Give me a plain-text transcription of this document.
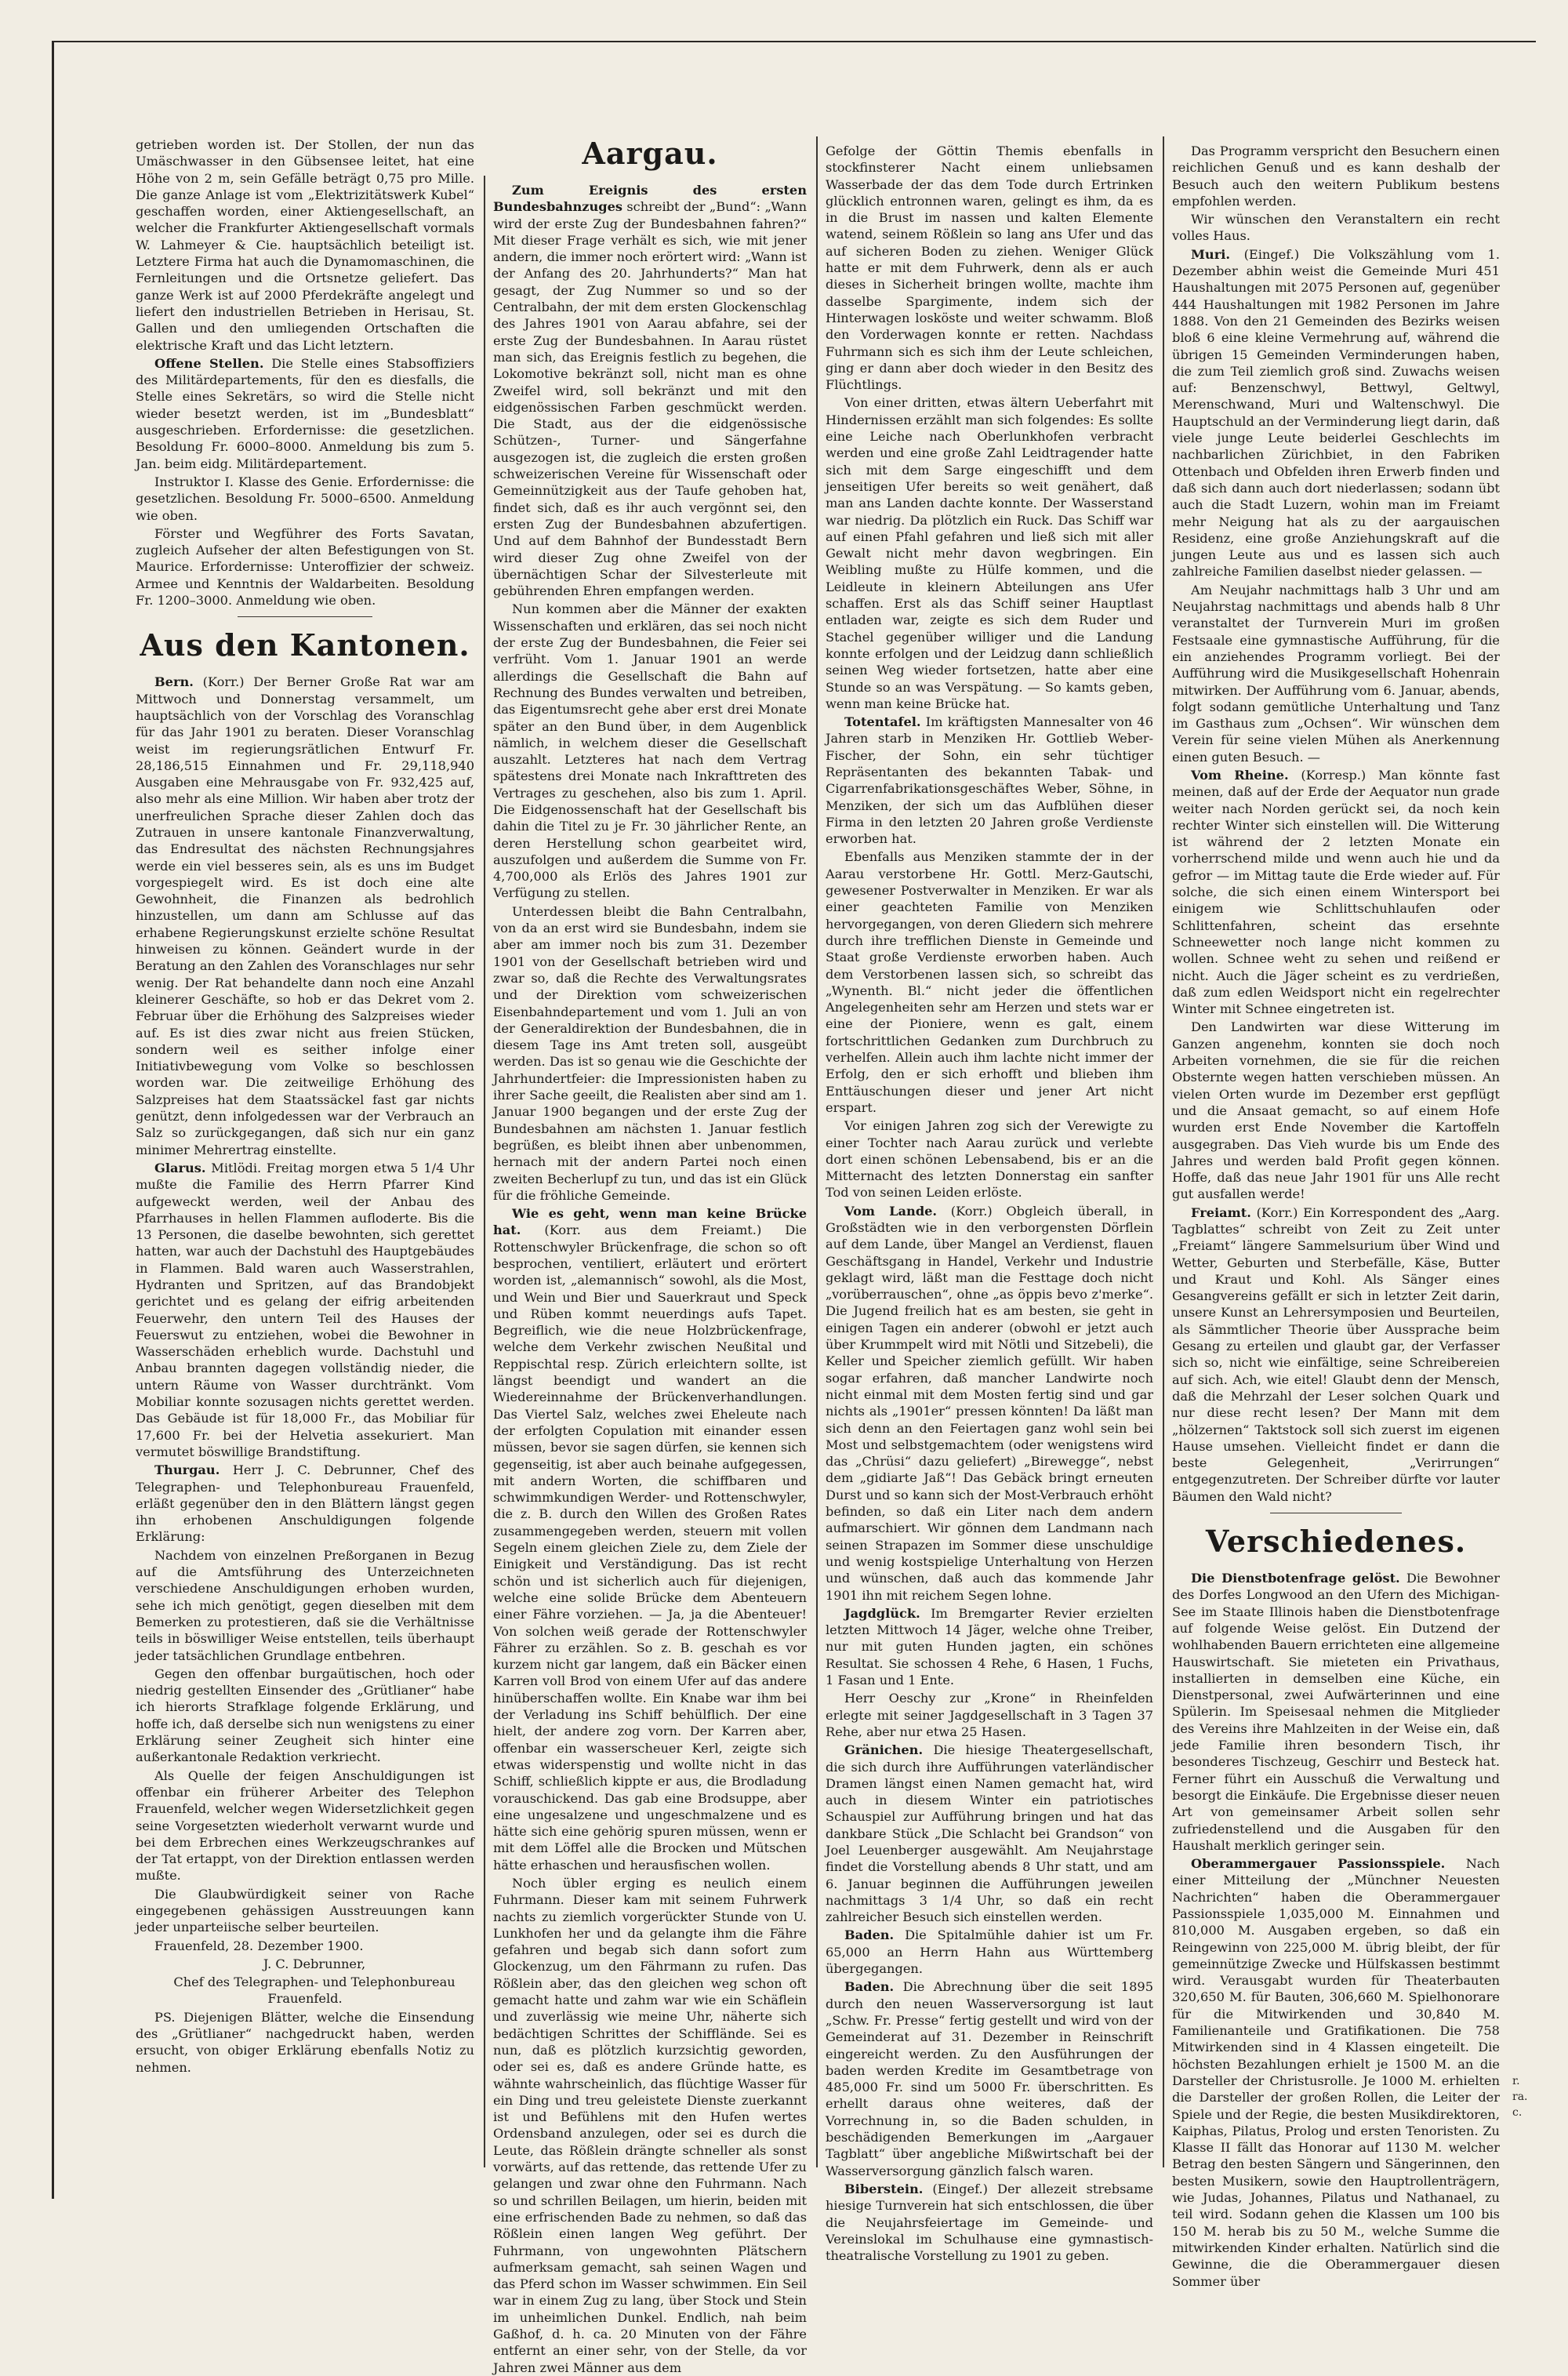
getrieben worden ist. Der Stollen, der nun das Umäschwasser in den Gübsensee leitet, hat eine Höhe von 2 m, sein Gefälle beträgt 0,75 pro Mille. Die ganze Anlage ist vom „Elektrizitätswerk Kubel“ geschaffen worden, einer Aktiengesellschaft, an welcher die Frankfurter Aktiengesellschaft vormals W. Lahmeyer & Cie. hauptsächlich beteiligt ist. Letztere Firma hat auch die Dynamomaschinen, die Fernleitungen und die Ortsnetze geliefert. Das ganze Werk ist auf 2000 Pferdekräfte angelegt und liefert den industriellen Betrieben in Herisau, St. Gallen und den umliegenden Ortschaften die elektrische Kraft und das Licht letztern.

Offene Stellen. Die Stelle eines Stabsoffiziers des Militärdepartements, für den es diesfalls, die Stelle eines Sekretärs, so wird die Stelle nicht wieder besetzt werden, ist im „Bundesblatt“ ausgeschrieben. Erfordernisse: die gesetzlichen. Besoldung Fr. 6000–8000. Anmeldung bis zum 5. Jan. beim eidg. Militärdepartement.

Instruktor I. Klasse des Genie. Erfordernisse: die gesetzlichen. Besoldung Fr. 5000–6500. Anmeldung wie oben.

Förster und Wegführer des Forts Savatan, zugleich Aufseher der alten Befestigungen von St. Maurice. Erfordernisse: Unteroffizier der schweiz. Armee und Kenntnis der Waldarbeiten. Besoldung Fr. 1200–3000. Anmeldung wie oben.

Aus den Kantonen.

Bern. (Korr.) Der Berner Große Rat war am Mittwoch und Donnerstag versammelt, um hauptsächlich von der Vorschlag des Voranschlag für das Jahr 1901 zu beraten. Dieser Voranschlag weist im regierungsrätlichen Entwurf Fr. 28,186,515 Einnahmen und Fr. 29,118,940 Ausgaben eine Mehrausgabe von Fr. 932,425 auf, also mehr als eine Million. Wir haben aber trotz der unerfreulichen Sprache dieser Zahlen doch das Zutrauen in unsere kantonale Finanzverwaltung, das Endresultat des nächsten Rechnungsjahres werde ein viel besseres sein, als es uns im Budget vorgespiegelt wird. Es ist doch eine alte Gewohnheit, die Finanzen als bedrohlich hinzustellen, um dann am Schlusse auf das erhabene Regierungskunst erzielte schöne Resultat hinweisen zu können. Geändert wurde in der Beratung an den Zahlen des Voranschlages nur sehr wenig. Der Rat behandelte dann noch eine Anzahl kleinerer Geschäfte, so hob er das Dekret vom 2. Februar über die Erhöhung des Salzpreises wieder auf. Es ist dies zwar nicht aus freien Stücken, sondern weil es seither infolge einer Initiativbewegung vom Volke so beschlossen worden war. Die zeitweilige Erhöhung des Salzpreises hat dem Staatssäckel fast gar nichts genützt, denn infolgedessen war der Verbrauch an Salz so zurückgegangen, daß sich nur ein ganz minimer Mehrertrag einstellte.

Glarus. Mitlödi. Freitag morgen etwa 5 1/4 Uhr mußte die Familie des Herrn Pfarrer Kind aufgeweckt werden, weil der Anbau des Pfarrhauses in hellen Flammen aufloderte. Bis die 13 Personen, die daselbe bewohnten, sich gerettet hatten, war auch der Dachstuhl des Hauptgebäudes in Flammen. Bald waren auch Wasserstrahlen, Hydranten und Spritzen, auf das Brandobjekt gerichtet und es gelang der eifrig arbeitenden Feuerwehr, den untern Teil des Hauses der Feuerswut zu entziehen, wobei die Bewohner in Wasserschäden erheblich wurde. Dachstuhl und Anbau brannten dagegen vollständig nieder, die untern Räume von Wasser durchtränkt. Vom Mobiliar konnte sozusagen nichts gerettet werden. Das Gebäude ist für 18,000 Fr., das Mobiliar für 17,600 Fr. bei der Helvetia assekuriert. Man vermutet böswillige Brandstiftung.

Thurgau. Herr J. C. Debrunner, Chef des Telegraphen- und Telephonbureau Frauenfeld, erläßt gegenüber den in den Blättern längst gegen ihn erhobenen Anschuldigungen folgende Erklärung:

Nachdem von einzelnen Preßorganen in Bezug auf die Amtsführung des Unterzeichneten verschiedene Anschuldigungen erhoben wurden, sehe ich mich genötigt, gegen dieselben mit dem Bemerken zu protestieren, daß sie die Verhältnisse teils in böswilliger Weise entstellen, teils überhaupt jeder tatsächlichen Grundlage entbehren.

Gegen den offenbar burgaütischen, hoch oder niedrig gestellten Einsender des „Grütlianer“ habe ich hierorts Strafklage folgende Erklärung, und hoffe ich, daß derselbe sich nun wenigstens zu einer Erklärung seiner Zeugheit sich hinter eine außerkantonale Redaktion verkriecht.

Als Quelle der feigen Anschuldigungen ist offenbar ein früherer Arbeiter des Telephon Frauenfeld, welcher wegen Widersetzlichkeit gegen seine Vorgesetzten wiederholt verwarnt wurde und bei dem Erbrechen eines Werkzeugschrankes auf der Tat ertappt, von der Direktion entlassen werden mußte.

Die Glaubwürdigkeit seiner von Rache eingegebenen gehässigen Ausstreuungen kann jeder unparteiische selber beurteilen.

Frauenfeld, 28. Dezember 1900.

J. C. Debrunner,

Chef des Telegraphen- und Telephonbureau Frauenfeld.

PS. Diejenigen Blätter, welche die Einsendung des „Grütlianer“ nachgedruckt haben, werden ersucht, von obiger Erklärung ebenfalls Notiz zu nehmen.

Aargau.

Zum Ereignis des ersten Bundesbahnzuges schreibt der „Bund“: „Wann wird der erste Zug der Bundesbahnen fahren?“ Mit dieser Frage verhält es sich, wie mit jener andern, die immer noch erörtert wird: „Wann ist der Anfang des 20. Jahrhunderts?“ Man hat gesagt, der Zug Nummer so und so der Centralbahn, der mit dem ersten Glockenschlag des Jahres 1901 von Aarau abfahre, sei der erste Zug der Bundesbahnen. In Aarau rüstet man sich, das Ereignis festlich zu begehen, die Lokomotive bekränzt soll, nicht man es ohne Zweifel wird, soll bekränzt und mit den eidgenössischen Farben geschmückt werden. Die Stadt, aus der die eidgenössische Schützen-, Turner- und Sängerfahne ausgezogen ist, die zugleich die ersten großen schweizerischen Vereine für Wissenschaft oder Gemeinnützigkeit aus der Taufe gehoben hat, findet sich, daß es ihr auch vergönnt sei, den ersten Zug der Bundesbahnen abzufertigen. Und auf dem Bahnhof der Bundesstadt Bern wird dieser Zug ohne Zweifel von der übernächtigen Schar der Silvesterleute mit gebührenden Ehren empfangen werden.

Nun kommen aber die Männer der exakten Wissenschaften und erklären, das sei noch nicht der erste Zug der Bundesbahnen, die Feier sei verfrüht. Vom 1. Januar 1901 an werde allerdings die Gesellschaft die Bahn auf Rechnung des Bundes verwalten und betreiben, das Eigentumsrecht gehe aber erst drei Monate später an den Bund über, in dem Augenblick nämlich, in welchem dieser die Gesellschaft auszahlt. Letzteres hat nach dem Vertrag spätestens drei Monate nach Inkrafttreten des Vertrages zu geschehen, also bis zum 1. April. Die Eidgenossenschaft hat der Gesellschaft bis dahin die Titel zu je Fr. 30 jährlicher Rente, an deren Herstellung schon gearbeitet wird, auszufolgen und außerdem die Summe von Fr. 4,700,000 als Erlös des Jahres 1901 zur Verfügung zu stellen.

Unterdessen bleibt die Bahn Centralbahn, von da an erst wird sie Bundesbahn, indem sie aber am immer noch bis zum 31. Dezember 1901 von der Gesellschaft betrieben wird und zwar so, daß die Rechte des Verwaltungsrates und der Direktion vom schweizerischen Eisenbahndepartement und vom 1. Juli an von der Generaldirektion der Bundesbahnen, die in diesem Tage ins Amt treten soll, ausgeübt werden. Das ist so genau wie die Geschichte der Jahrhundertfeier: die Impressionisten haben zu ihrer Sache geeilt, die Realisten aber sind am 1. Januar 1900 begangen und der erste Zug der Bundesbahnen am nächsten 1. Januar festlich begrüßen, es bleibt ihnen aber unbenommen, hernach mit der andern Partei noch einen zweiten Becherlupf zu tun, und das ist ein Glück für die fröhliche Gemeinde.

Wie es geht, wenn man keine Brücke hat. (Korr. aus dem Freiamt.) Die Rottenschwyler Brückenfrage, die schon so oft besprochen, ventiliert, erläutert und erörtert worden ist, „alemannisch“ sowohl, als die Most, und Wein und Bier und Sauerkraut und Speck und Rüben kommt neuerdings aufs Tapet. Begreiflich, wie die neue Holzbrückenfrage, welche dem Verkehr zwischen Neußital und Reppischtal resp. Zürich erleichtern sollte, ist längst beendigt und wandert an die Wiedereinnahme der Brückenverhandlungen. Das Viertel Salz, welches zwei Eheleute nach der erfolgten Copulation mit einander essen müssen, bevor sie sagen dürfen, sie kennen sich gegenseitig, ist aber auch beinahe aufgegessen, mit andern Worten, die schiffbaren und schwimmkundigen Werder- und Rottenschwyler, die z. B. durch den Willen des Großen Rates zusammengegeben werden, steuern mit vollen Segeln einem gleichen Ziele zu, dem Ziele der Einigkeit und Verständigung. Das ist recht schön und ist sicherlich auch für diejenigen, welche eine solide Brücke dem Abenteuern einer Fähre vorziehen. — Ja, ja die Abenteuer! Von solchen weiß gerade der Rottenschwyler Fährer zu erzählen. So z. B. geschah es vor kurzem nicht gar langem, daß ein Bäcker einen Karren voll Brod von einem Ufer auf das andere hinüberschaffen wollte. Ein Knabe war ihm bei der Verladung ins Schiff behülflich. Der eine hielt, der andere zog vorn. Der Karren aber, offenbar ein wasserscheuer Kerl, zeigte sich etwas widerspenstig und wollte nicht in das Schiff, schließlich kippte er aus, die Brodladung vorauschickend. Das gab eine Brodsuppe, aber eine ungesalzene und ungeschmalzene und es hätte sich eine gehörig spuren müssen, wenn er mit dem Löffel alle die Brocken und Mütschen hätte erhaschen und herausfischen wollen.

Noch übler erging es neulich einem Fuhrmann. Dieser kam mit seinem Fuhrwerk nachts zu ziemlich vorgerückter Stunde von U. Lunkhofen her und da gelangte ihm die Fähre gefahren und begab sich dann sofort zum Glockenzug, um den Fährmann zu rufen. Das Rößlein aber, das den gleichen weg schon oft gemacht hatte und zahm war wie ein Schäflein und zuverlässig wie meine Uhr, näherte sich bedächtigen Schrittes der Schifflände. Sei es nun, daß es plötzlich kurzsichtig geworden, oder sei es, daß es andere Gründe hatte, es wähnte wahrscheinlich, das flüchtige Wasser für ein Ding und treu geleistete Dienste zuerkannt ist und Befühlens mit den Hufen wertes Ordensband anzulegen, oder sei es durch die Leute, das Rößlein drängte schneller als sonst vorwärts, auf das rettende, das rettende Ufer zu gelangen und zwar ohne den Fuhrmann. Nach so und schrillen Beilagen, um hierin, beiden mit eine erfrischenden Bade zu nehmen, so daß das Rößlein einen langen Weg geführt. Der Fuhrmann, von ungewohnten Plätschern aufmerksam gemacht, sah seinen Wagen und das Pferd schon im Wasser schwimmen. Ein Seil war in einem Zug zu lang, über Stock und Stein im unheimlichen Dunkel. Endlich, nah beim Gaßhof, d. h. ca. 20 Minuten von der Fähre entfernt an einer sehr, von der Stelle, da vor Jahren zwei Männer aus dem

Gefolge der Göttin Themis ebenfalls in stockfinsterer Nacht einem unliebsamen Wasserbade der das dem Tode durch Ertrinken glücklich entronnen waren, gelingt es ihm, da es in die Brust im nassen und kalten Elemente watend, seinem Rößlein so lang ans Ufer und das auf sicheren Boden zu ziehen. Weniger Glück hatte er mit dem Fuhrwerk, denn als er auch dieses in Sicherheit bringen wollte, machte ihm dasselbe Spargimente, indem sich der Hinterwagen losköste und weiter schwamm. Bloß den Vorderwagen konnte er retten. Nachdass Fuhrmann sich es sich ihm der Leute schleichen, ging er dann aber doch wieder in den Besitz des Flüchtlings.

Von einer dritten, etwas ältern Ueberfahrt mit Hindernissen erzählt man sich folgendes: Es sollte eine Leiche nach Oberlunkhofen verbracht werden und eine große Zahl Leidtragender hatte sich mit dem Sarge eingeschifft und dem jenseitigen Ufer bereits so weit genähert, daß man ans Landen dachte konnte. Der Wasserstand war niedrig. Da plötzlich ein Ruck. Das Schiff war auf einen Pfahl gefahren und ließ sich mit aller Gewalt nicht mehr davon wegbringen. Ein Weibling mußte zu Hülfe kommen, und die Leidleute in kleinern Abteilungen ans Ufer schaffen. Erst als das Schiff seiner Hauptlast entladen war, zeigte es sich dem Ruder und Stachel gegenüber williger und die Landung konnte erfolgen und der Leidzug dann schließlich seinen Weg wieder fortsetzen, hatte aber eine Stunde so an was Verspätung. — So kamts geben, wenn man keine Brücke hat.

Totentafel. Im kräftigsten Mannesalter von 46 Jahren starb in Menziken Hr. Gottlieb Weber-Fischer, der Sohn, ein sehr tüchtiger Repräsentanten des bekannten Tabak- und Cigarrenfabrikationsgeschäftes Weber, Söhne, in Menziken, der sich um das Aufblühen dieser Firma in den letzten 20 Jahren große Verdienste erworben hat.

Ebenfalls aus Menziken stammte der in der Aarau verstorbene Hr. Gottl. Merz-Gautschi, gewesener Postverwalter in Menziken. Er war als einer geachteten Familie von Menziken hervorgegangen, von deren Gliedern sich mehrere durch ihre trefflichen Dienste in Gemeinde und Staat große Verdienste erworben haben. Auch dem Verstorbenen lassen sich, so schreibt das „Wynenth. Bl.“ nicht jeder die öffentlichen Angelegenheiten sehr am Herzen und stets war er eine der Pioniere, wenn es galt, einem fortschrittlichen Gedanken zum Durchbruch zu verhelfen. Allein auch ihm lachte nicht immer der Erfolg, den er sich erhofft und blieben ihm Enttäuschungen dieser und jener Art nicht erspart.

Vor einigen Jahren zog sich der Verewigte zu einer Tochter nach Aarau zurück und verlebte dort einen schönen Lebensabend, bis er an die Mitternacht des letzten Donnerstag ein sanfter Tod von seinen Leiden erlöste.

Vom Lande. (Korr.) Obgleich überall, in Großstädten wie in den verborgensten Dörflein auf dem Lande, über Mangel an Verdienst, flauen Geschäftsgang in Handel, Verkehr und Industrie geklagt wird, läßt man die Festtage doch nicht „vorüberrauschen“, ohne „as öppis bevo z'merke“. Die Jugend freilich hat es am besten, sie geht in einigen Tagen ein anderer (obwohl er jetzt auch über Krummpelt wird mit Nötli und Sitzebeli), die Keller und Speicher ziemlich gefüllt. Wir haben sogar erfahren, daß mancher Landwirte noch nicht einmal mit dem Mosten fertig sind und gar nichts als „1901er“ pressen könnten! Da läßt man sich denn an den Feiertagen ganz wohl sein bei Most und selbstgemachtem (oder wenigstens wird das „Chrüsi“ dazu geliefert) „Birewegge“, nebst dem „gidiarte Jaß“! Das Gebäck bringt erneuten Durst und so kann sich der Most-Verbrauch erhöht befinden, so daß ein Liter nach dem andern aufmarschiert. Wir gönnen dem Landmann nach seinen Strapazen im Sommer diese unschuldige und wenig kostspielige Unterhaltung von Herzen und wünschen, daß auch das kommende Jahr 1901 ihn mit reichem Segen lohne.

Jagdglück. Im Bremgarter Revier erzielten letzten Mittwoch 14 Jäger, welche ohne Treiber, nur mit guten Hunden jagten, ein schönes Resultat. Sie schossen 4 Rehe, 6 Hasen, 1 Fuchs, 1 Fasan und 1 Ente.

Herr Oeschy zur „Krone“ in Rheinfelden erlegte mit seiner Jagdgesellschaft in 3 Tagen 37 Rehe, aber nur etwa 25 Hasen.

Gränichen. Die hiesige Theatergesellschaft, die sich durch ihre Aufführungen vaterländischer Dramen längst einen Namen gemacht hat, wird auch in diesem Winter ein patriotisches Schauspiel zur Aufführung bringen und hat das dankbare Stück „Die Schlacht bei Grandson“ von Joel Leuenberger ausgewählt. Am Neujahrstage findet die Vorstellung abends 8 Uhr statt, und am 6. Januar beginnen die Aufführungen jeweilen nachmittags 3 1/4 Uhr, so daß ein recht zahlreicher Besuch sich einstellen werden.

Baden. Die Spitalmühle dahier ist um Fr. 65,000 an Herrn Hahn aus Württemberg übergegangen.

Baden. Die Abrechnung über die seit 1895 durch den neuen Wasserversorgung ist laut „Schw. Fr. Presse“ fertig gestellt und wird von der Gemeinderat auf 31. Dezember in Reinschrift eingereicht werden. Zu den Ausführungen der baden werden Kredite im Gesamtbetrage von 485,000 Fr. sind um 5000 Fr. überschritten. Es erhellt daraus ohne weiteres, daß der Vorrechnung in, so die Baden schulden, in beschädigenden Bemerkungen im „Aargauer Tagblatt“ über angebliche Mißwirtschaft bei der Wasserversorgung gänzlich falsch waren.

Biberstein. (Eingef.) Der allezeit strebsame hiesige Turnverein hat sich entschlossen, die über die Neujahrsfeiertage im Gemeinde- und Vereinslokal im Schulhause eine gymnastisch-theatralische Vorstellung zu 1901 zu geben.

Das Programm verspricht den Besuchern einen reichlichen Genuß und es kann deshalb der Besuch auch den weitern Publikum bestens empfohlen werden.

Wir wünschen den Veranstaltern ein recht volles Haus.

Muri. (Eingef.) Die Volkszählung vom 1. Dezember abhin weist die Gemeinde Muri 451 Haushaltungen mit 2075 Personen auf, gegenüber 444 Haushaltungen mit 1982 Personen im Jahre 1888. Von den 21 Gemeinden des Bezirks weisen bloß 6 eine kleine Vermehrung auf, während die übrigen 15 Gemeinden Verminderungen haben, die zum Teil ziemlich groß sind. Zuwachs weisen auf: Benzenschwyl, Bettwyl, Geltwyl, Merenschwand, Muri und Waltenschwyl. Die Hauptschuld an der Verminderung liegt darin, daß viele junge Leute beiderlei Geschlechts im nachbarlichen Zürichbiet, in den Fabriken Ottenbach und Obfelden ihren Erwerb finden und daß sich dann auch dort niederlassen; sodann übt auch die Stadt Luzern, wohin man im Freiamt mehr Neigung hat als zu der aargauischen Residenz, eine große Anziehungskraft auf die jungen Leute aus und es lassen sich auch zahlreiche Familien daselbst nieder gelassen. —

Am Neujahr nachmittags halb 3 Uhr und am Neujahrstag nachmittags und abends halb 8 Uhr veranstaltet der Turnverein Muri im großen Festsaale eine gymnastische Aufführung, für die ein anziehendes Programm vorliegt. Bei der Aufführung wird die Musikgesellschaft Hohenrain mitwirken. Der Aufführung vom 6. Januar, abends, folgt sodann gemütliche Unterhaltung und Tanz im Gasthaus zum „Ochsen“. Wir wünschen dem Verein für seine vielen Mühen als Anerkennung einen guten Besuch. —

Vom Rheine. (Korresp.) Man könnte fast meinen, daß auf der Erde der Aequator nun grade weiter nach Norden gerückt sei, da noch kein rechter Winter sich einstellen will. Die Witterung ist während der 2 letzten Monate ein vorherrschend milde und wenn auch hie und da gefror — im Mittag taute die Erde wieder auf. Für solche, die sich einen einem Wintersport bei einigem wie Schlittschuhlaufen oder Schlittenfahren, scheint das ersehnte Schneewetter noch lange nicht kommen zu wollen. Schnee weht zu sehen und reißend er nicht. Auch die Jäger scheint es zu verdrießen, daß zum edlen Weidsport nicht ein regelrechter Winter mit Schnee eingetreten ist.

Den Landwirten war diese Witterung im Ganzen angenehm, konnten sie doch noch Arbeiten vornehmen, die sie für die reichen Obsternte wegen hatten verschieben müssen. An vielen Orten wurde im Dezember erst gepflügt und die Ansaat gemacht, so auf einem Hofe wurden erst Ende November die Kartoffeln ausgegraben. Das Vieh wurde bis um Ende des Jahres und werden bald Profit gegen können. Hoffe, daß das neue Jahr 1901 für uns Alle recht gut ausfallen werde!

Freiamt. (Korr.) Ein Korrespondent des „Aarg. Tagblattes“ schreibt von Zeit zu Zeit unter „Freiamt“ längere Sammelsurium über Wind und Wetter, Geburten und Sterbefälle, Käse, Butter und Kraut und Kohl. Als Sänger eines Gesangvereins gefällt er sich in letzter Zeit darin, unsere Kunst an Lehrersymposien und Beurteilen, als Sämmtlicher Theorie über Aussprache beim Gesang zu erteilen und glaubt gar, der Verfasser sich so, nicht wie einfältige, seine Schreibereien auf sich. Ach, wie eitel! Glaubt denn der Mensch, daß die Mehrzahl der Leser solchen Quark und nur diese recht lesen? Der Mann mit dem „hölzernen“ Taktstock soll sich zuerst im eigenen Hause umsehen. Vielleicht findet er dann die beste Gelegenheit, „Verirrungen“ entgegenzutreten. Der Schreiber dürfte vor lauter Bäumen den Wald nicht?

Verschiedenes.

Die Dienstbotenfrage gelöst. Die Bewohner des Dorfes Longwood an den Ufern des Michigan-See im Staate Illinois haben die Dienstbotenfrage auf folgende Weise gelöst. Ein Dutzend der wohlhabenden Bauern errichteten eine allgemeine Hauswirtschaft. Sie mieteten ein Privathaus, installierten in demselben eine Küche, ein Dienstpersonal, zwei Aufwärterinnen und eine Spülerin. Im Speisesaal nehmen die Mitglieder des Vereins ihre Mahlzeiten in der Weise ein, daß jede Familie ihren besondern Tisch, ihr besonderes Tischzeug, Geschirr und Besteck hat. Ferner führt ein Ausschuß die Verwaltung und besorgt die Einkäufe. Die Ergebnisse dieser neuen Art von gemeinsamer Arbeit sollen sehr zufriedenstellend und die Ausgaben für den Haushalt merklich geringer sein.

Oberammergauer Passionsspiele. Nach einer Mitteilung der „Münchner Neuesten Nachrichten“ haben die Oberammergauer Passionsspiele 1,035,000 M. Einnahmen und 810,000 M. Ausgaben ergeben, so daß ein Reingewinn von 225,000 M. übrig bleibt, der für gemeinnützige Zwecke und Hülfskassen bestimmt wird. Verausgabt wurden für Theaterbauten 320,650 M. für Bauten, 306,660 M. Spielhonorare für die Mitwirkenden und 30,840 M. Familienanteile und Gratifikationen. Die 758 Mitwirkenden sind in 4 Klassen eingeteilt. Die höchsten Bezahlungen erhielt je 1500 M. an die Darsteller der Christusrolle. Je 1000 M. erhielten die Darsteller der großen Rollen, die Leiter der Spiele und der Regie, die besten Musikdirektoren, Kaiphas, Pilatus, Prolog und ersten Tenoristen. Zu Klasse II fällt das Honorar auf 1130 M. welcher Betrag den besten Sängern und Sängerinnen, den besten Musikern, sowie den Hauptrollenträgern, wie Judas, Johannes, Pilatus und Nathanael, zu teil wird. Sodann gehen die Klassen um 100 bis 150 M. herab bis zu 50 M., welche Summe die mitwirkenden Kinder erhalten. Natürlich sind die Gewinne, die die Oberammergauer diesen Sommer über

r. ra. c.
